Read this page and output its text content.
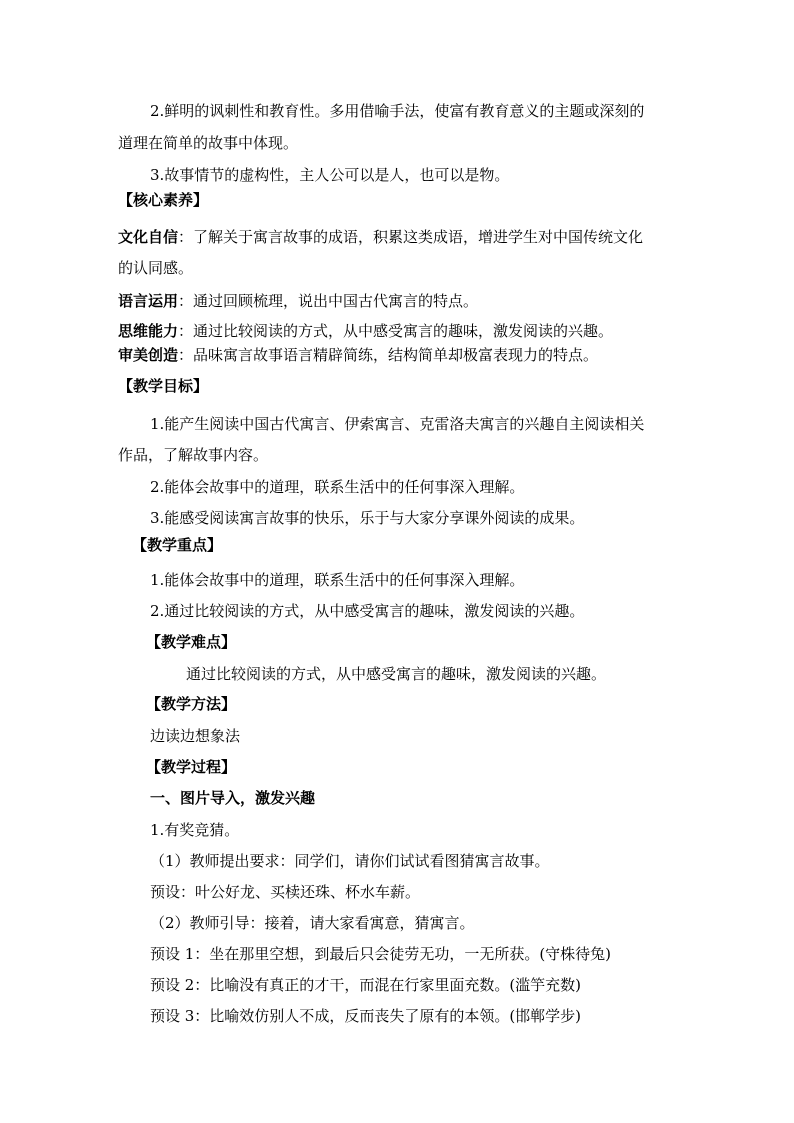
2.鲜明的讽刺性和教育性。多用借喻手法，使富有教育意义的主题或深刻的
道理在简单的故事中体现。
3.故事情节的虚构性，主人公可以是人，也可以是物。
【核心素养】
文化自信：了解关于寓言故事的成语，积累这类成语，增进学生对中国传统文化
的认同感。
语言运用：通过回顾梳理，说出中国古代寓言的特点。
思维能力：通过比较阅读的方式，从中感受寓言的趣味，激发阅读的兴趣。
审美创造：品味寓言故事语言精辟简练，结构简单却极富表现力的特点。
【教学目标】
1.能产生阅读中国古代寓言、伊索寓言、克雷洛夫寓言的兴趣自主阅读相关
作品，了解故事内容。
2.能体会故事中的道理，联系生活中的任何事深入理解。
3.能感受阅读寓言故事的快乐，乐于与大家分享课外阅读的成果。
【教学重点】
1.能体会故事中的道理，联系生活中的任何事深入理解。
2.通过比较阅读的方式，从中感受寓言的趣味，激发阅读的兴趣。
【教学难点】
通过比较阅读的方式，从中感受寓言的趣味，激发阅读的兴趣。
【教学方法】
边读边想象法
【教学过程】
一、图片导入，激发兴趣
1.有奖竞猜。
（1）教师提出要求：同学们，请你们试试看图猜寓言故事。
预设：叶公好龙、买椟还珠、杯水车薪。
（2）教师引导：接着，请大家看寓意，猜寓言。
预设 1：坐在那里空想，到最后只会徒劳无功，一无所获。(守株待兔)
预设 2：比喻没有真正的才干，而混在行家里面充数。(滥竽充数)
预设 3：比喻效仿别人不成，反而丧失了原有的本领。(邯郸学步)
